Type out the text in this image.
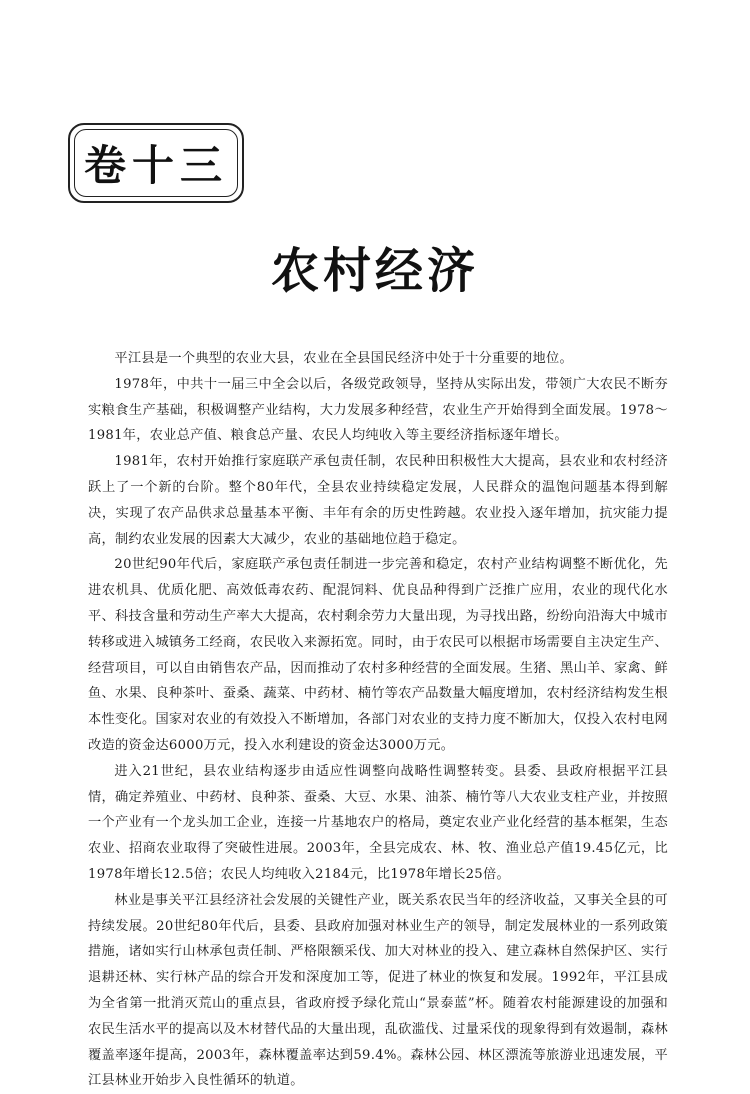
卷十三
农村经济

平江县是一个典型的农业大县，农业在全县国民经济中处于十分重要的地位。

1978年，中共十一届三中全会以后，各级党政领导，坚持从实际出发，带领广大农民不断夯实粮食生产基础，积极调整产业结构，大力发展多种经营，农业生产开始得到全面发展。1978～1981年，农业总产值、粮食总产量、农民人均纯收入等主要经济指标逐年增长。

1981年，农村开始推行家庭联产承包责任制，农民种田积极性大大提高，县农业和农村经济跃上了一个新的台阶。整个80年代，全县农业持续稳定发展，人民群众的温饱问题基本得到解决，实现了农产品供求总量基本平衡、丰年有余的历史性跨越。农业投入逐年增加，抗灾能力提高，制约农业发展的因素大大减少，农业的基础地位趋于稳定。

20世纪90年代后，家庭联产承包责任制进一步完善和稳定，农村产业结构调整不断优化，先进农机具、优质化肥、高效低毒农药、配混饲料、优良品种得到广泛推广应用，农业的现代化水平、科技含量和劳动生产率大大提高，农村剩余劳力大量出现，为寻找出路，纷纷向沿海大中城市转移或进入城镇务工经商，农民收入来源拓宽。同时，由于农民可以根据市场需要自主决定生产、经营项目，可以自由销售农产品，因而推动了农村多种经营的全面发展。生猪、黑山羊、家禽、鲜鱼、水果、良种茶叶、蚕桑、蔬菜、中药材、楠竹等农产品数量大幅度增加，农村经济结构发生根本性变化。国家对农业的有效投入不断增加，各部门对农业的支持力度不断加大，仅投入农村电网改造的资金达6000万元，投入水利建设的资金达3000万元。

进入21世纪，县农业结构逐步由适应性调整向战略性调整转变。县委、县政府根据平江县情，确定养殖业、中药材、良种茶、蚕桑、大豆、水果、油茶、楠竹等八大农业支柱产业，并按照一个产业有一个龙头加工企业，连接一片基地农户的格局，奠定农业产业化经营的基本框架，生态农业、招商农业取得了突破性进展。2003年，全县完成农、林、牧、渔业总产值19.45亿元，比1978年增长12.5倍；农民人均纯收入2184元，比1978年增长25倍。

林业是事关平江县经济社会发展的关键性产业，既关系农民当年的经济收益，又事关全县的可持续发展。20世纪80年代后，县委、县政府加强对林业生产的领导，制定发展林业的一系列政策措施，诸如实行山林承包责任制、严格限额采伐、加大对林业的投入、建立森林自然保护区、实行退耕还林、实行林产品的综合开发和深度加工等，促进了林业的恢复和发展。1992年，平江县成为全省第一批消灭荒山的重点县，省政府授予绿化荒山“景泰蓝”杯。随着农村能源建设的加强和农民生活水平的提高以及木材替代品的大量出现，乱砍滥伐、过量采伐的现象得到有效遏制，森林覆盖率逐年提高，2003年，森林覆盖率达到59.4%。森林公园、林区漂流等旅游业迅速发展，平江县林业开始步入良性循环的轨道。
